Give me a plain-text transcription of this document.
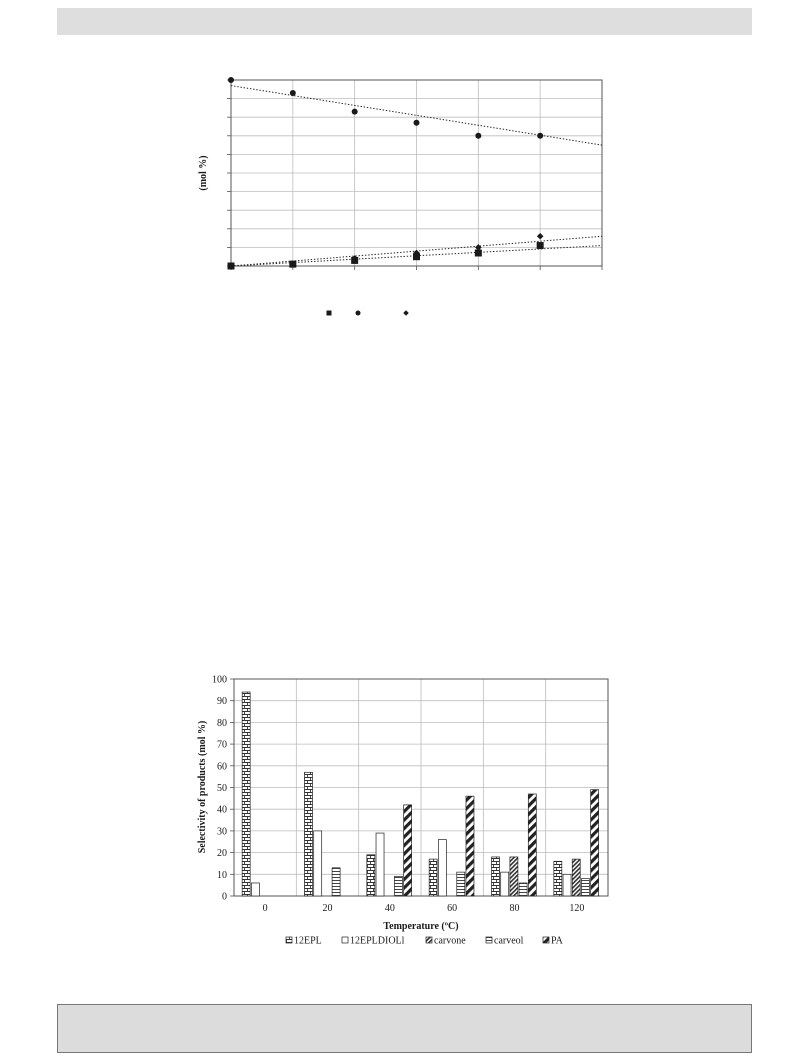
(mol %)
0
10
20
30
40
50
60
70
80
90
100
0	20	40	60	80	120
Selectivity of products (mol %)
Temperature (ºC)
12EPL	12EPLDIOLl	carvone	carveol	PA
